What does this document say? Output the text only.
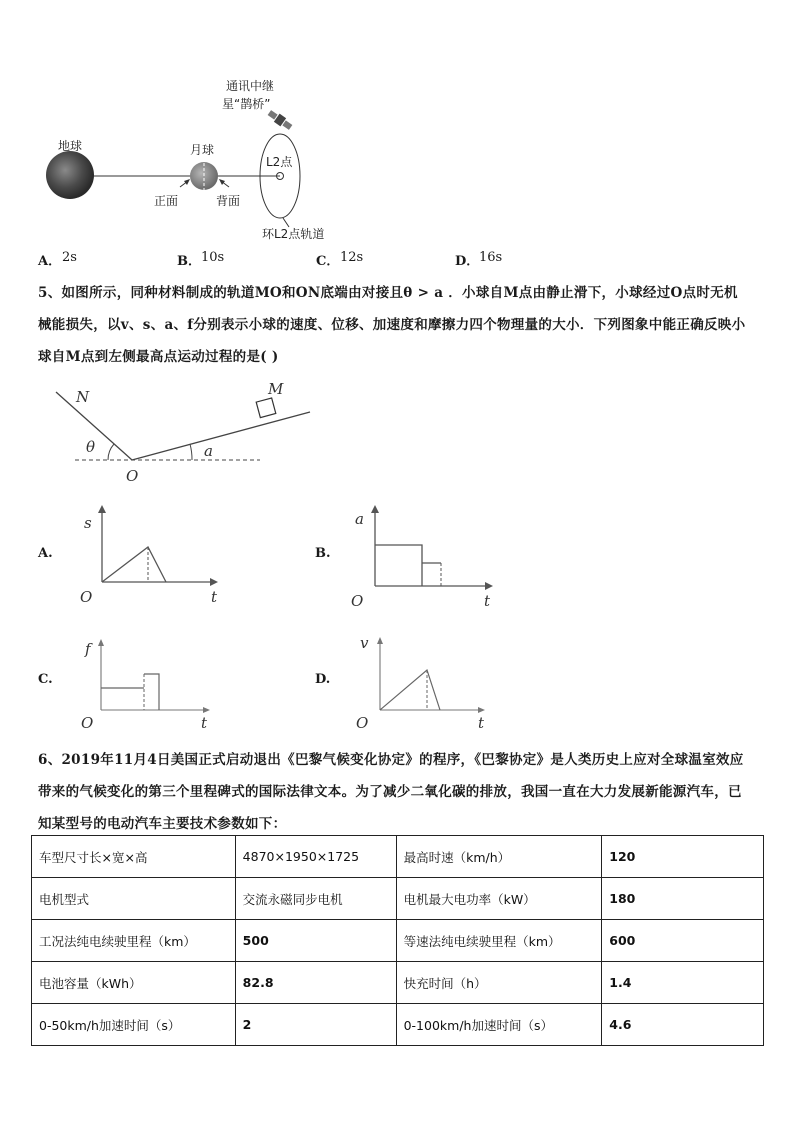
地球	月球
正面	背面
L2点
环L2点轨道
通讯中继
星“鹊桥”
A． 2s	B． 10s	C． 12s	D． 16s
5、如图所示，同种材料制成的轨道MO和ON底端由对接且θ > a ．小球自M点由静止滑下，小球经过O点时无机
械能损失，以v、s、a、f分别表示小球的速度、位移、加速度和摩擦力四个物理量的大小．下列图象中能正确反映小
球自M点到左侧最高点运动过程的是( )
N	M
O
θ	a
A.
s
O	t
B.
a
O	t
C.
f
O	t
D.
v
O	t
6、2019年11月4日美国正式启动退出《巴黎气候变化协定》的程序，《巴黎协定》是人类历史上应对全球温室效应
带来的气候变化的第三个里程碑式的国际法律文本。为了减少二氧化碳的排放，我国一直在大力发展新能源汽车，已
知某型号的电动汽车主要技术参数如下：
车型尺寸长×宽×高	4870×1950×1725	最高时速（km/h）	120
电机型式	交流永磁同步电机	电机最大电功率（kW）	180
工况法纯电续驶里程（km）	500	等速法纯电续驶里程（km）	600
电池容量（kWh）	82.8	快充时间（h）	1.4
0-50km/h加速时间（s）	2	0-100km/h加速时间（s）	4.6
